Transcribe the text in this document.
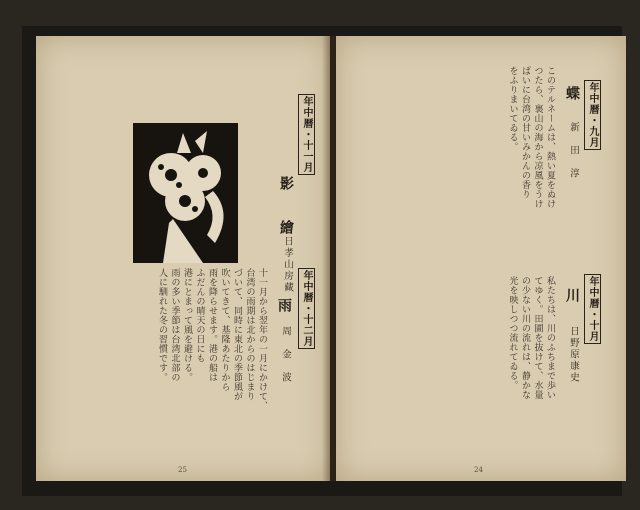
年中暦・十一月
影　繪
日孝山房藏
年中暦・十二月
雨
周　金　波
十一月から翌年の一月にかけて、
台湾の雨期は北からのはじまり
づいて、同時に東北の季節風が
吹いてきて、基隆あたりから
雨を降らせます。港の船は
ふだんの晴天の日にも
港にとまって風を避ける。
雨の多い季節は台湾北部の
人に馴れた冬の習慣です。
25
年中暦・九月
蝶
新　田　淳
このテルネームは、熱い夏をぬけ
つたら、裏山の海から凉風をうけ
ぱいに台湾の甘いみかんの香り
をふりまいてゐる。
年中暦・十月
川
日野原康史
私たちは、川のふちまで歩い
てゆく。田圃を抜けて、水量
の少ない川の流れは、静かな
光を映しつつ流れてゐる。
24
